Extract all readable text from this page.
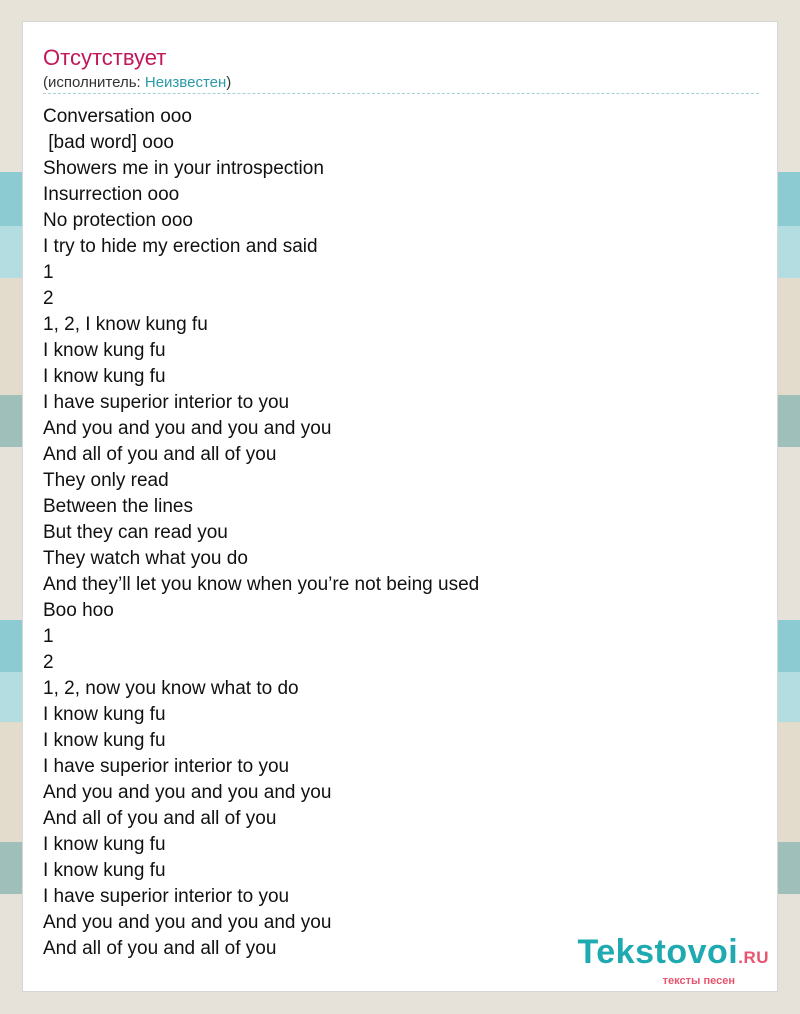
Отсутствует
(исполнитель: Неизвестен)
Conversation ooo
[bad word] ooo
Showers me in your introspection
Insurrection ooo
No protection ooo
I try to hide my erection and said
1
2
1, 2, I know kung fu
I know kung fu
I know kung fu
I have superior interior to you
And you and you and you and you
And all of you and all of you
They only read
Between the lines
But they can read you
They watch what you do
And they’ll let you know when you’re not being used
Boo hoo
1
2
1, 2, now you know what to do
I know kung fu
I know kung fu
I have superior interior to you
And you and you and you and you
And all of you and all of you
I know kung fu
I know kung fu
I have superior interior to you
And you and you and you and you
And all of you and all of you	Tekstovoi.RU
тексты песен
